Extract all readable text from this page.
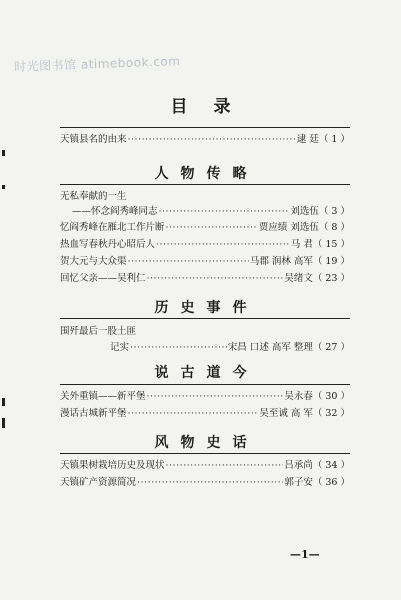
时光图书馆 atimebook.com
目录
天镇县名的由来 ·····	逮 廷（ 1 ）
人物传略
无私奉献的一生
——怀念阎秀峰同志 ·····	刘选伍（ 3 ）
忆阎秀峰在雁北工作片断 ·····	贾应绩 刘选伍（ 8 ）
热血写春秋丹心昭后人 ·····	马 君（ 15 ）
贺大元与大众渠 ·····	马郡 润林 高军（ 19 ）
回忆父亲——吴利仁 ·····	吴绪文（ 23 ）
历史事件
围歼最后一股土匪
记实 ·····	宋昌 口述 高军 整理（ 27 ）
说古道今
关外重镇——新平堡 ·····	吴永春（ 30 ）
漫话古城新平堡 ·····	吴至诚 高 军（ 32 ）
风物史话
天镇果树栽培历史及现状 ·····	吕承尚（ 34 ）
天镇矿产资源简况 ·····	郭子安（ 36 ）
—1—
